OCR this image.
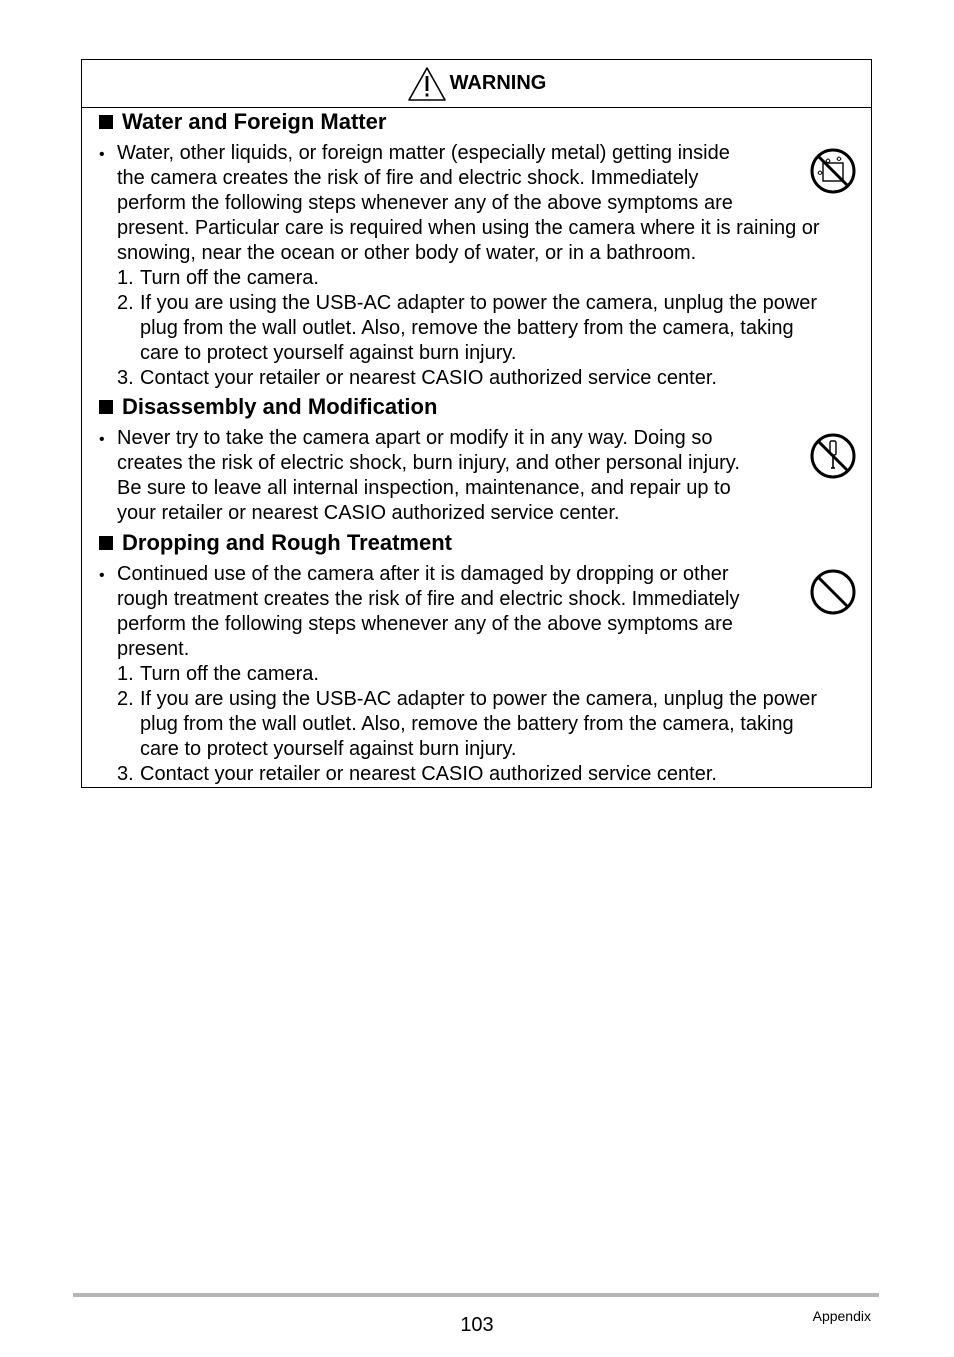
WARNING
Water and Foreign Matter
• Water, other liquids, or foreign matter (especially metal) getting inside
the camera creates the risk of fire and electric shock. Immediately
perform the following steps whenever any of the above symptoms are
present. Particular care is required when using the camera where it is raining or
snowing, near the ocean or other body of water, or in a bathroom.
1. Turn off the camera.
2. If you are using the USB-AC adapter to power the camera, unplug the power
plug from the wall outlet. Also, remove the battery from the camera, taking
care to protect yourself against burn injury.
3. Contact your retailer or nearest CASIO authorized service center.
Disassembly and Modification
• Never try to take the camera apart or modify it in any way. Doing so
creates the risk of electric shock, burn injury, and other personal injury.
Be sure to leave all internal inspection, maintenance, and repair up to
your retailer or nearest CASIO authorized service center.
Dropping and Rough Treatment
• Continued use of the camera after it is damaged by dropping or other
rough treatment creates the risk of fire and electric shock. Immediately
perform the following steps whenever any of the above symptoms are
present.
1. Turn off the camera.
2. If you are using the USB-AC adapter to power the camera, unplug the power
plug from the wall outlet. Also, remove the battery from the camera, taking
care to protect yourself against burn injury.
3. Contact your retailer or nearest CASIO authorized service center.
103	Appendix
